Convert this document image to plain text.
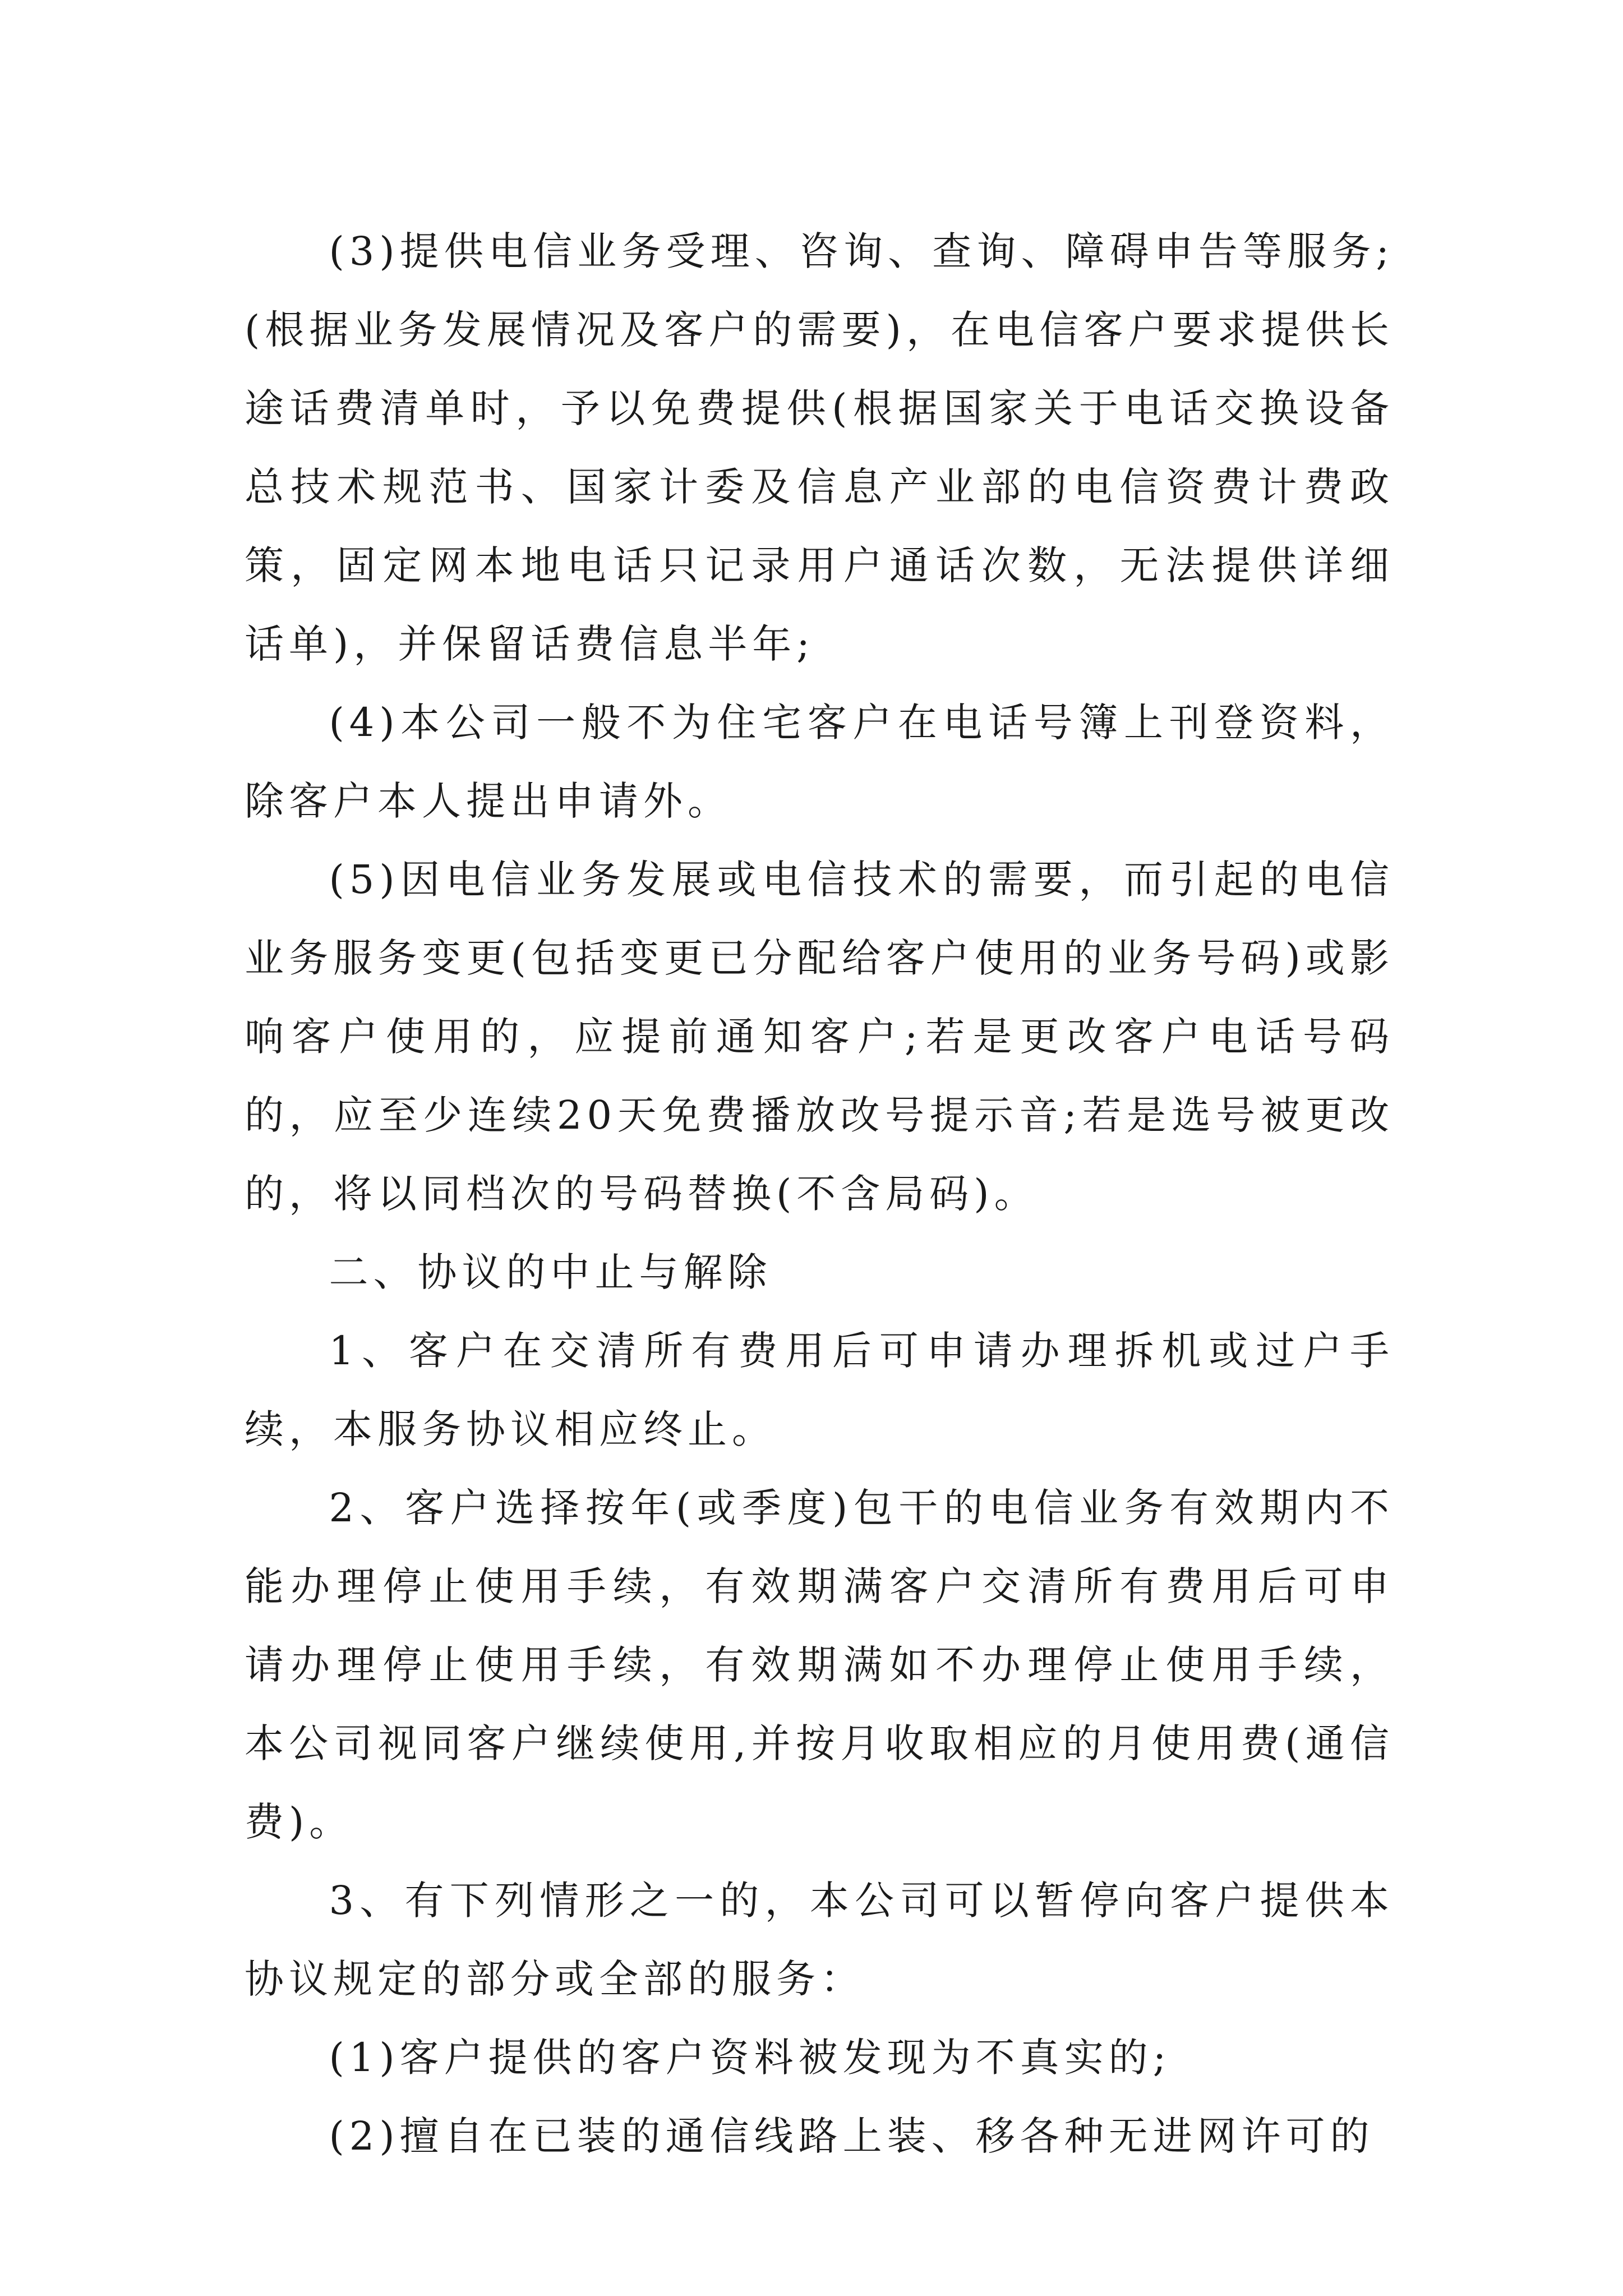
(3)提供电信业务受理、咨询、查询、障碍申告等服务;(根据业务发展情况及客户的需要)，在电信客户要求提供长途话费清单时，予以免费提供(根据国家关于电话交换设备总技术规范书、国家计委及信息产业部的电信资费计费政策，固定网本地电话只记录用户通话次数，无法提供详细话单)，并保留话费信息半年;

(4)本公司一般不为住宅客户在电话号簿上刊登资料，除客户本人提出申请外。

(5)因电信业务发展或电信技术的需要，而引起的电信业务服务变更(包括变更已分配给客户使用的业务号码)或影响客户使用的，应提前通知客户;若是更改客户电话号码的，应至少连续20天免费播放改号提示音;若是选号被更改的，将以同档次的号码替换(不含局码)。

二、协议的中止与解除

1、客户在交清所有费用后可申请办理拆机或过户手续，本服务协议相应终止。

2、客户选择按年(或季度)包干的电信业务有效期内不能办理停止使用手续，有效期满客户交清所有费用后可申请办理停止使用手续，有效期满如不办理停止使用手续，本公司视同客户继续使用,并按月收取相应的月使用费(通信费)。

3、有下列情形之一的，本公司可以暂停向客户提供本协议规定的部分或全部的服务：

(1)客户提供的客户资料被发现为不真实的;

(2)擅自在已装的通信线路上装、移各种无进网许可的
